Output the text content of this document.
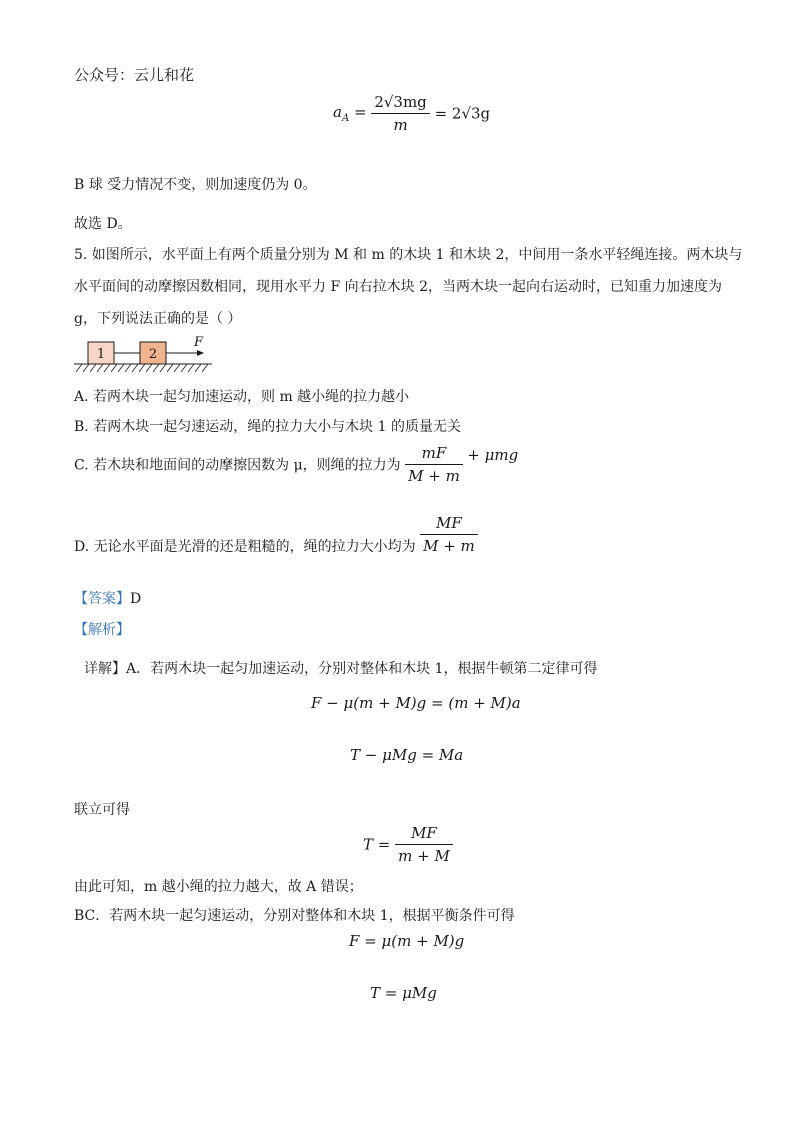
公众号：云儿和花
$a_A = \frac{2√3mg}{m} = 2√3g$
B 球 受力情况不变，则加速度仍为 0。
故选 D。
5. 如图所示，水平面上有两个质量分别为 M 和 m 的木块 1 和木块 2，中间用一条水平轻绳连接。两木块与
水平面间的动摩擦因数相同，现用水平力 F 向右拉木块 2，当两木块一起向右运动时，已知重力加速度为
g，下列说法正确的是（ ）
1	2
F
A. 若两木块一起匀加速运动，则 m 越小绳的拉力越小
B. 若两木块一起匀速运动，绳的拉力大小与木块 1 的质量无关
C. 若木块和地面间的动摩擦因数为 μ，则绳的拉力为 $\frac{mF}{M + m} + \mu mg$
D. 无论水平面是光滑的还是粗糙的，绳的拉力大小均为 $\frac{MF}{M + m}$
【答案】D
【解析】
详解】A．若两木块一起匀加速运动，分别对整体和木块 1，根据牛顿第二定律可得
F − μ(m + M)g = (m + M)a
T − μMg = Ma
联立可得
$T = \frac{MF}{m + M}$
由此可知，m 越小绳的拉力越大，故 A 错误；
BC．若两木块一起匀速运动，分别对整体和木块 1，根据平衡条件可得
F = μ(m + M)g
T = μMg
